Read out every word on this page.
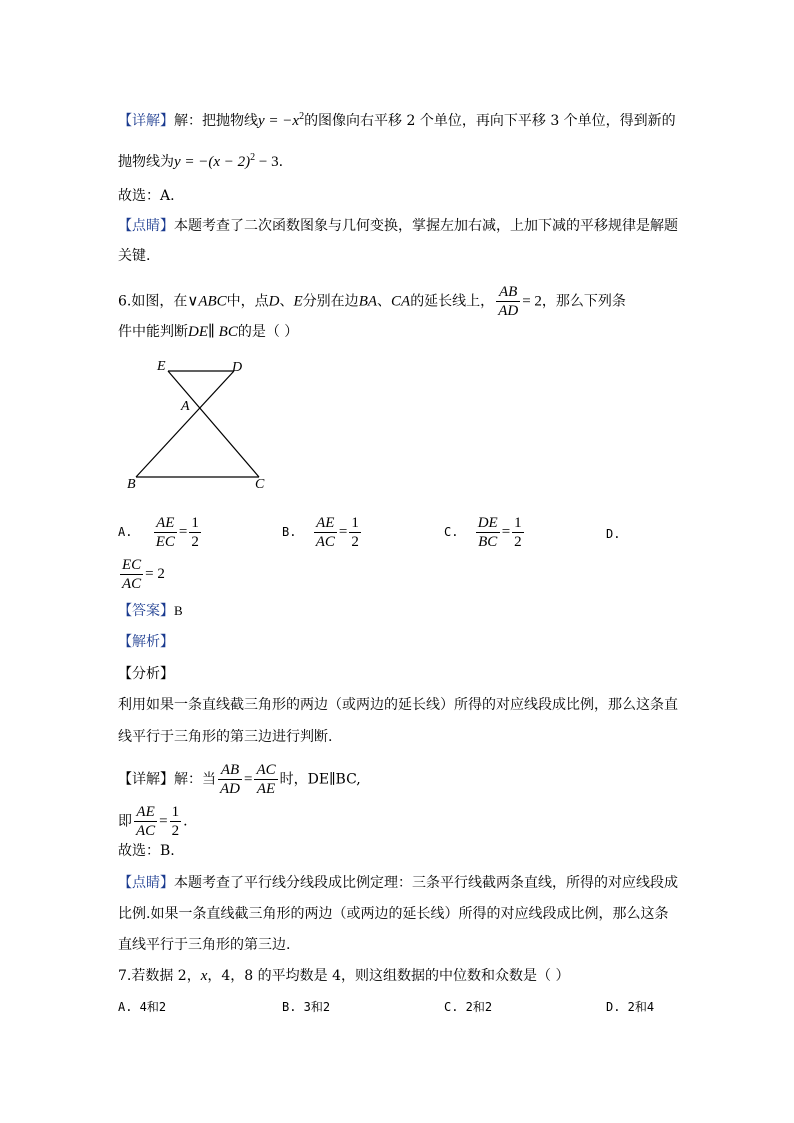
【详解】解：把抛物线$y = -x^2$的图像向右平移 2 个单位，再向下平移 3 个单位，得到新的
抛物线为$y = -(x - 2)^2 - 3$.
故选：A.
【点睛】本题考查了二次函数图象与几何变换，掌握左加右减，上加下减的平移规律是解题
关键.
6.如图，在∨ABC中，点D、E分别在边BA、CA的延长线上， $\frac{AB}{AD} = 2$，那么下列条
件中能判断DE∥ BC的是（ ）
E	D
A
B	C
A. $\frac{AE}{EC} = \frac{1}{2}$	B. $\frac{AE}{AC} = \frac{1}{2}$	C. $\frac{DE}{BC} = \frac{1}{2}$	D.
$\frac{EC}{AC} = 2$
【答案】B
【解析】
【分析】
利用如果一条直线截三角形的两边（或两边的延长线）所得的对应线段成比例，那么这条直
线平行于三角形的第三边进行判断.
【详解】解：当 $\frac{AB}{AD} = \frac{AC}{AE}$ 时，DE∥BC,
即 $\frac{AE}{AC} = \frac{1}{2}$ .
故选：B.
【点睛】本题考查了平行线分线段成比例定理：三条平行线截两条直线，所得的对应线段成
比例.如果一条直线截三角形的两边（或两边的延长线）所得的对应线段成比例，那么这条
直线平行于三角形的第三边.
7.若数据 2，x，4，8 的平均数是 4，则这组数据的中位数和众数是（ ）
A. 4和2	B. 3和2	C. 2和2	D. 2和4
